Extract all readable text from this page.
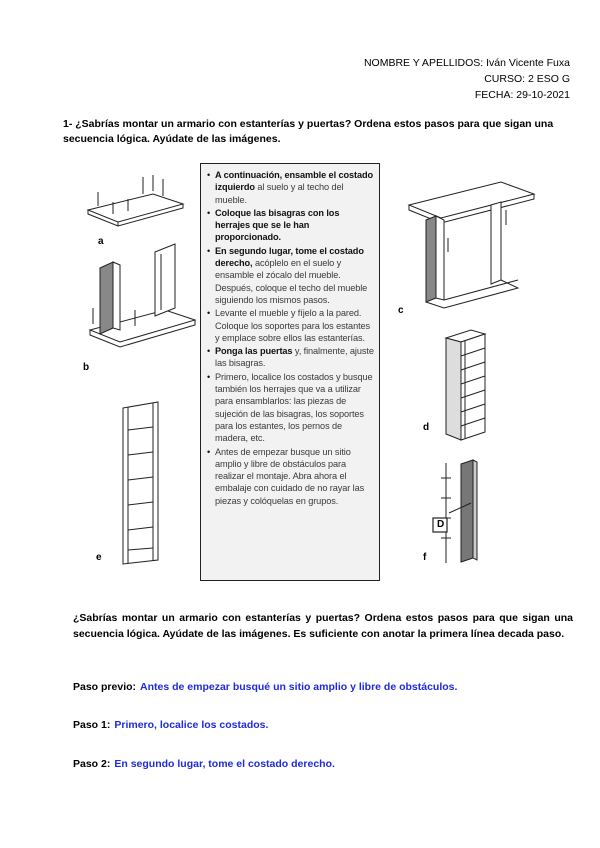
NOMBRE Y APELLIDOS: Iván Vicente Fuxa
CURSO: 2 ESO G
FECHA: 29-10-2021
1- ¿Sabrías montar un armario con estanterías y puertas? Ordena estos pasos para que sigan una secuencia lógica. Ayúdate de las imágenes.
a
b
e
• A continuación, ensamble el costado izquierdo al suelo y al techo del mueble.
• Coloque las bisagras con los herrajes que se le han proporcionado.
• En segundo lugar, tome el costado derecho, acóplelo en el suelo y ensamble el zócalo del mueble. Después, coloque el techo del mueble siguiendo los mismos pasos.
• Levante el mueble y fíjelo a la pared. Coloque los soportes para los estantes y emplace sobre ellos las estanterías.
• Ponga las puertas y, finalmente, ajuste las bisagras.
• Primero, localice los costados y busque también los herrajes que va a utilizar para ensamblarlos: las piezas de sujeción de las bisagras, los soportes para los estantes, los pernos de madera, etc.
• Antes de empezar busque un sitio amplio y libre de obstáculos para realizar el montaje. Abra ahora el embalaje con cuidado de no rayar las piezas y colóquelas en grupos.
c
d
D
f
¿Sabrías montar un armario con estanterías y puertas? Ordena estos pasos para que sigan una secuencia lógica. Ayúdate de las imágenes. Es suficiente con anotar la primera línea decada paso.
Paso previo: Antes de empezar busqué un sitio amplio y libre de obstáculos.
Paso 1: Primero, localice los costados.
Paso 2: En segundo lugar, tome el costado derecho.
